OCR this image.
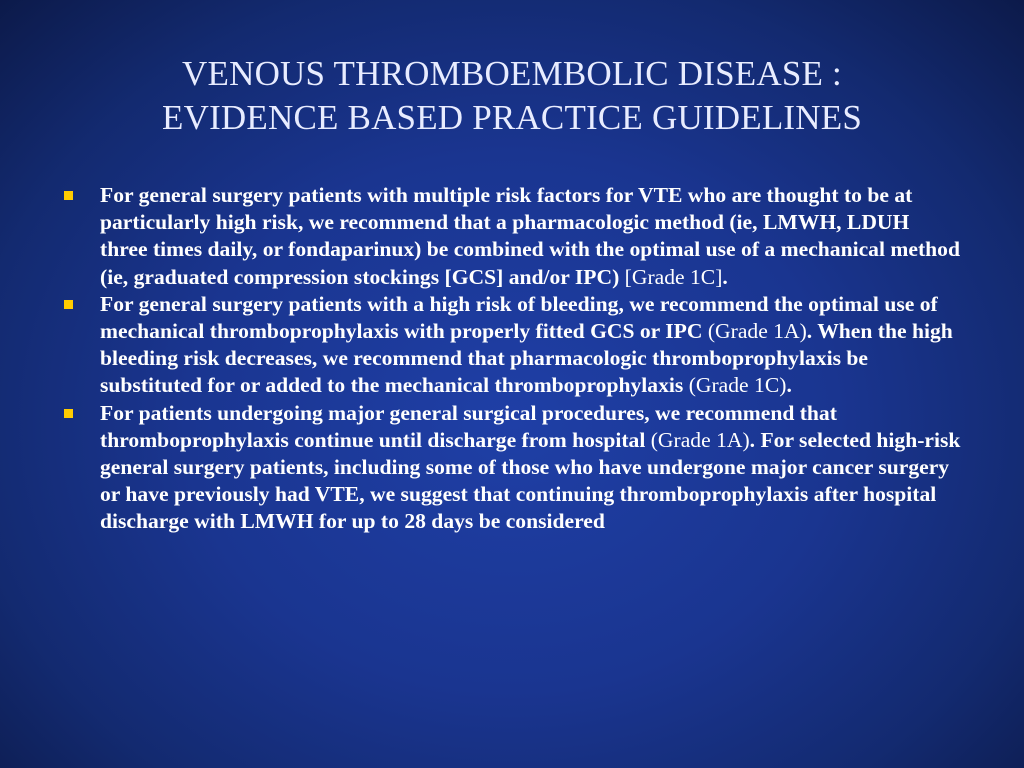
VENOUS THROMBOEMBOLIC DISEASE :
EVIDENCE BASED PRACTICE GUIDELINES
For general surgery patients with multiple risk factors for VTE who are thought to be at particularly high risk, we recommend that a pharmacologic method (ie, LMWH, LDUH three times daily, or fondaparinux) be combined with the optimal use of a mechanical method (ie, graduated compression stockings [GCS] and/or IPC) [Grade 1C].
For general surgery patients with a high risk of bleeding, we recommend the optimal use of mechanical thromboprophylaxis with properly fitted GCS or IPC (Grade 1A). When the high bleeding risk decreases, we recommend that pharmacologic thromboprophylaxis be substituted for or added to the mechanical thromboprophylaxis (Grade 1C).
For patients undergoing major general surgical procedures, we recommend that thromboprophylaxis continue until discharge from hospital (Grade 1A). For selected high-risk general surgery patients, including some of those who have undergone major cancer surgery or have previously had VTE, we suggest that continuing thromboprophylaxis after hospital discharge with LMWH for up to 28 days be considered
